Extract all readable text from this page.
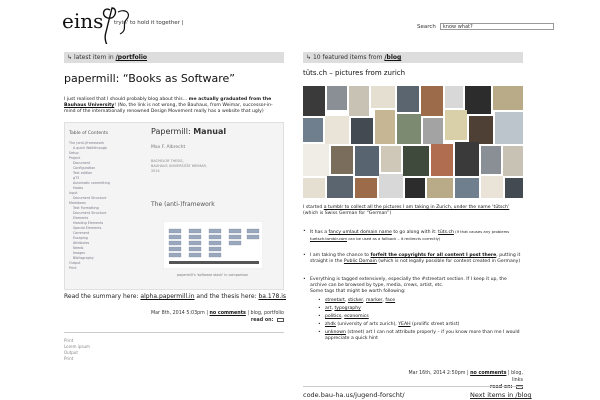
eins tryin' to hold it together |
Search
know what?
↳ latest item in /portfolio
papermill: “Books as Software”
I just realised that I should probably blog about this… me actually graduated from the Bauhaus University! (No, the link is not wrong, the Bauhaus, from Weimar, successor-in-mind of the internationally renowned Design Movement really has a website that ugly)
Table of Contents
The (anti-)framework
A quick Walkthrough
Setup
Project
Document
Configuration
Text edition
gT3
Automatic committing
Hooks
Input
Document Structure
Markdown
Text Formatting
Document Structure
Elements
Heading Elements
Special Elements
Comment
Escaping
Attributes
Needs
Images
Bibliography
Output
Print
Papermill: Manual
Max F. Albrecht
BACHELOR THESIS,
BAUHAUS UNIVERSITÄT WEIMAR,
2014
The (anti-)framework
papermill's 'software stack' in comparison
Read the summary here: alpha.papermill.in and the thesis here: ba.178.is
Mar 8th, 2014 5:03pm | no comments | blog, portfolio
read on:
Print
Lorem ipsum
Output
Print
↳ 10 featured items from /blog
tüts.ch – pictures from zurich
I started a tumblr to collect all the pictures I am taking in Zurich, under the name ‘tütsch’ (which is Swiss German for “German”)
• It has a fancy umlaut domain name to go along with it: tüts.ch (if that causes any problems tuetsch.tumblr.com can be used as a fallback – it redirects correctly)
• I am taking the chance to forfeit the copyrights for all content I post there, putting it straight in the Public Domain (which is not legally possible for content created in Germany)
• Everything is tagged extensively, especially the #streetart section. If I keep it up, the archive can be browsed by type, media, crews, artist, etc.
Some tags that might be worth following:
• streetart, sticker, marker, face
• art, typography
• politics, economics
• zhdk (university of arts zurich), YEAH (prolific street artist)
• unknown (street) art I can not attribute properly – if you know more than me I would appreciate a quick hint
Mar 16th, 2014 2:50pm | no comments | blog, links
read on:
code.bau-ha.us/jugend-forscht/	Next items in /blog
